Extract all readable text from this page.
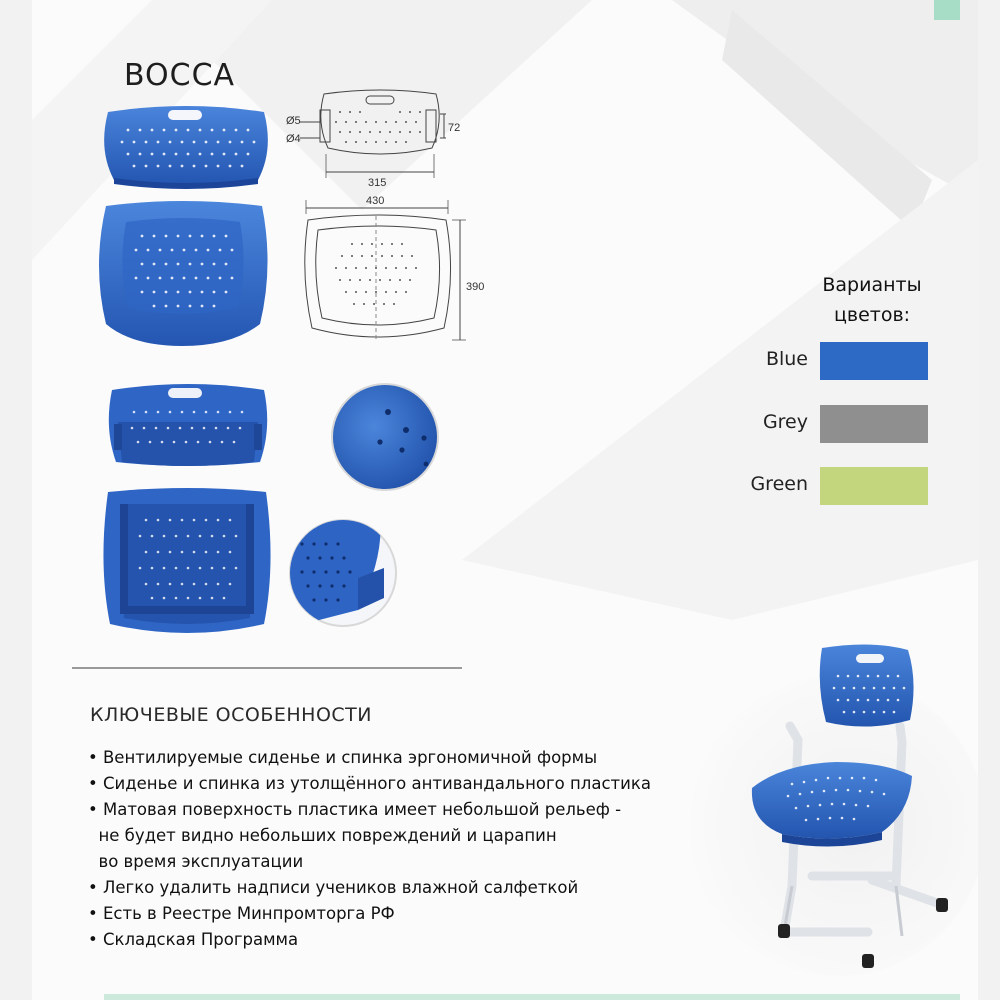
BOCCA
Ø5
Ø4
72
315
430
390	Варианты цветов:
Blue
Grey
Green
КЛЮЧЕВЫЕ ОСОБЕННОСТИ
• Вентилируемые сиденье и спинка эргономичной формы
• Сиденье и спинка из утолщённого антивандального пластика
• Матовая поверхность пластика имеет небольшой рельеф -
не будет видно небольших повреждений и царапин
во время эксплуатации
• Легко удалить надписи учеников влажной салфеткой
• Есть в Реестре Минпромторга РФ
• Складская Программа
